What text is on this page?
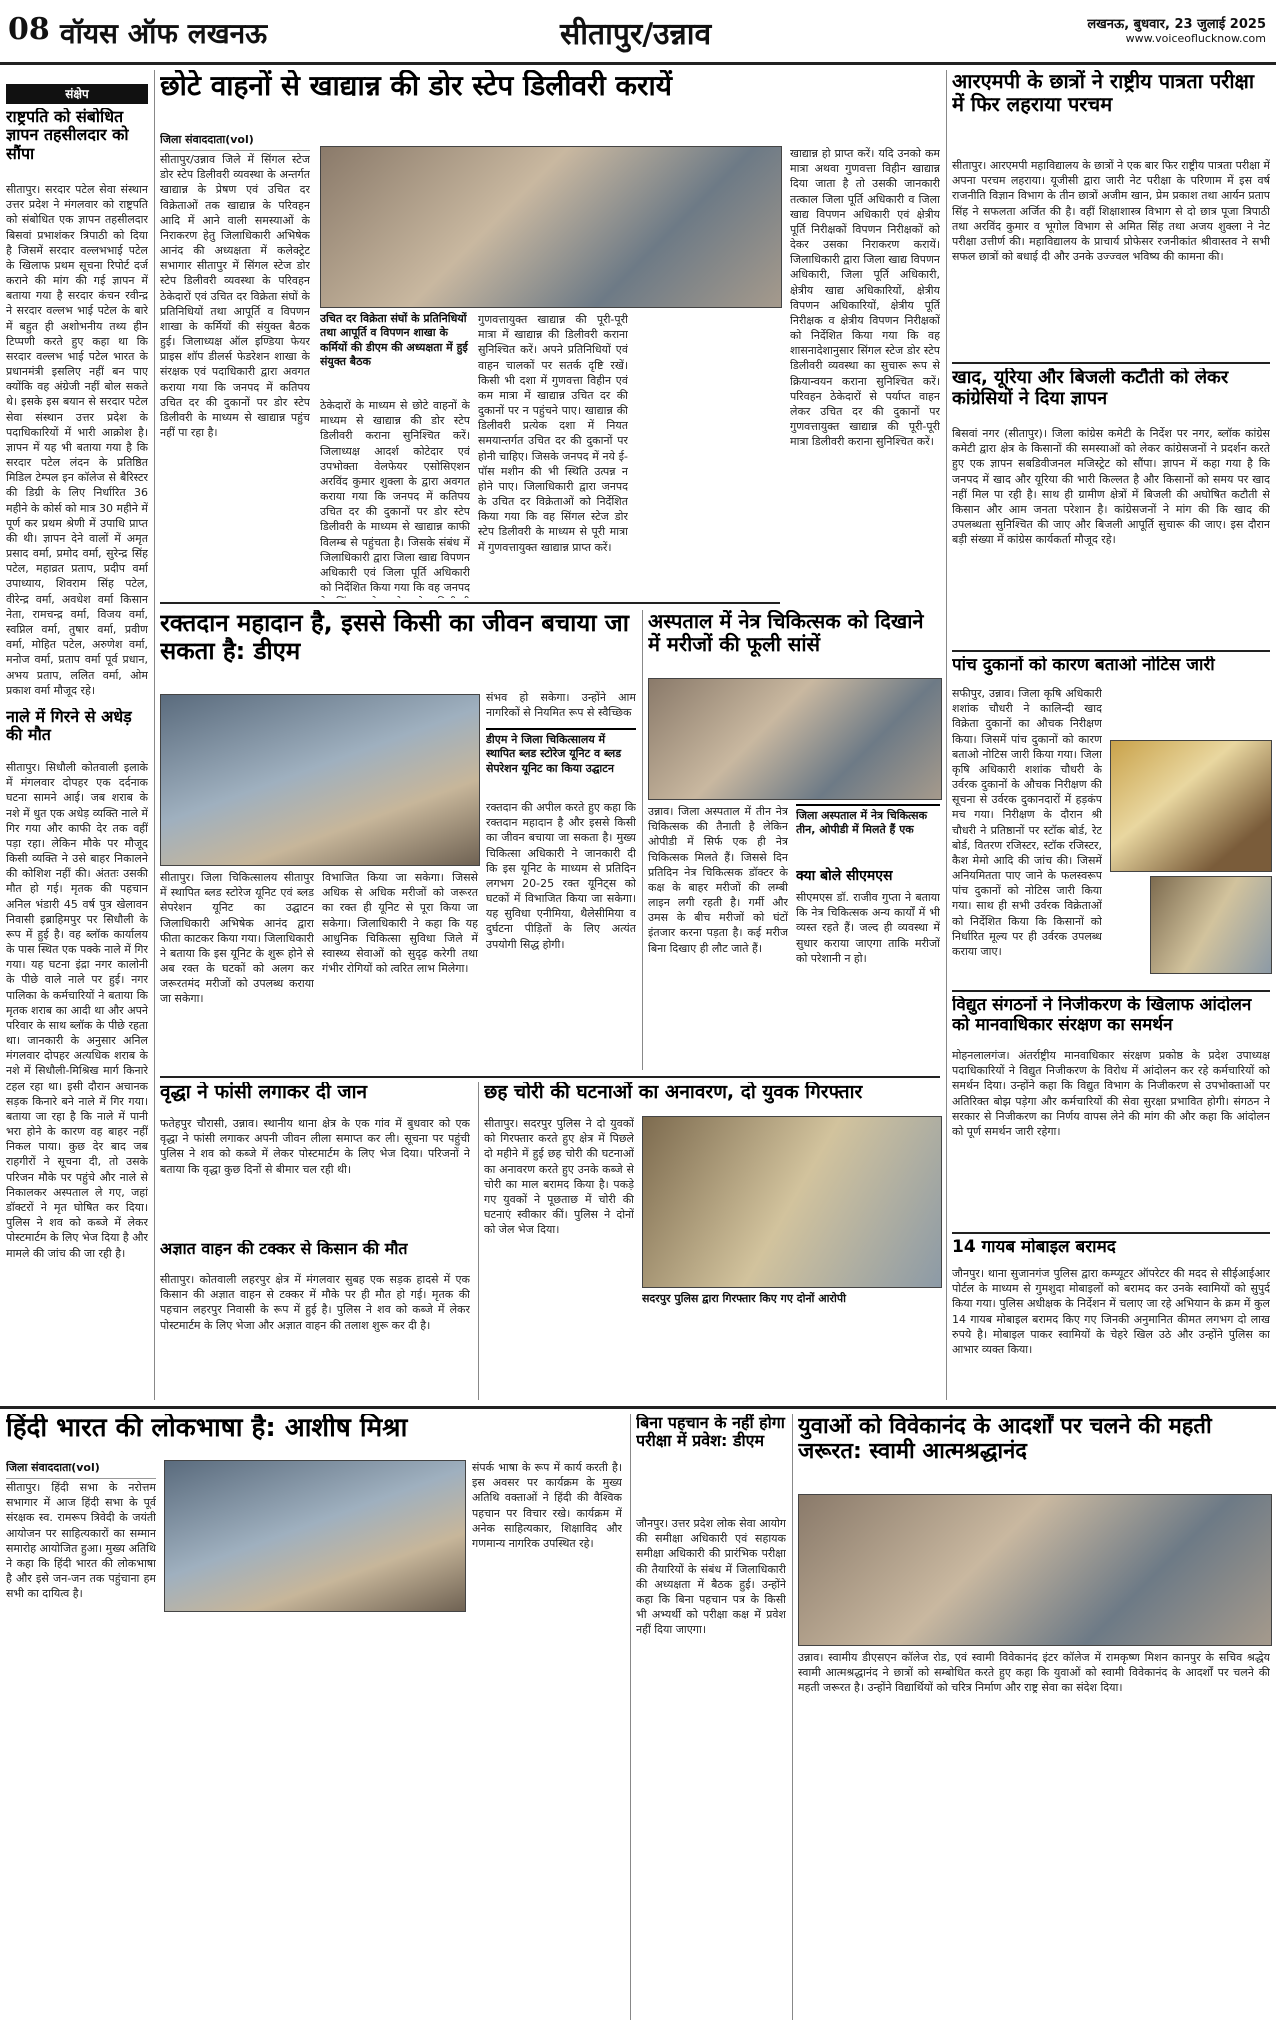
08 वॉयस ऑफ लखनऊ	सीतापुर/उन्नाव	लखनऊ, बुधवार, 23 जुलाई 2025
www.voiceoflucknow.com
संक्षेप
राष्ट्रपति को संबोधित ज्ञापन तहसीलदार को सौंपा
सीतापुर। सरदार पटेल सेवा संस्थान उत्तर प्रदेश ने मंगलवार को राष्ट्रपति को संबोधित एक ज्ञापन तहसीलदार बिसवां प्रभाशंकर त्रिपाठी को दिया है जिसमें सरदार वल्लभभाई पटेल के खिलाफ प्रथम सूचना रिपोर्ट दर्ज कराने की मांग की गई ज्ञापन में बताया गया है सरदार कंचन रवीन्द्र ने सरदार वल्लभ भाई पटेल के बारे में बहुत ही अशोभनीय तथ्य हीन टिप्पणी करते हुए कहा था कि सरदार वल्लभ भाई पटेल भारत के प्रधानमंत्री इसलिए नहीं बन पाए क्योंकि वह अंग्रेजी नहीं बोल सकते थे। इसके इस बयान से सरदार पटेल सेवा संस्थान उत्तर प्रदेश के पदाधिकारियों में भारी आक्रोश है। ज्ञापन में यह भी बताया गया है कि सरदार पटेल लंदन के प्रतिष्ठित मिडिल टेम्पल इन कॉलेज से बैरिस्टर की डिग्री के लिए निर्धारित 36 महीने के कोर्स को मात्र 30 महीने में पूर्ण कर प्रथम श्रेणी में उपाधि प्राप्त की थी। ज्ञापन देने वालों में अमृत प्रसाद वर्मा, प्रमोद वर्मा, सुरेन्द्र सिंह पटेल, महाव्रत प्रताप, प्रदीप वर्मा उपाध्याय, शिवराम सिंह पटेल, वीरेन्द्र वर्मा, अवधेश वर्मा किसान नेता, रामचन्द्र वर्मा, विजय वर्मा, स्वप्निल वर्मा, तुषार वर्मा, प्रवीण वर्मा, मोहित पटेल, अरुणेश वर्मा, मनोज वर्मा, प्रताप वर्मा पूर्व प्रधान, अभय प्रताप, ललित वर्मा, ओम प्रकाश वर्मा मौजूद रहे।
नाले में गिरने से अधेड़ की मौत
सीतापुर। सिधौली कोतवाली इलाके में मंगलवार दोपहर एक दर्दनाक घटना सामने आई। जब शराब के नशे में धुत एक अधेड़ व्यक्ति नाले में गिर गया और काफी देर तक वहीं पड़ा रहा। लेकिन मौके पर मौजूद किसी व्यक्ति ने उसे बाहर निकालने की कोशिश नहीं की। अंततः उसकी मौत हो गई। मृतक की पहचान अनिल भंडारी 45 वर्ष पुत्र खेलावन निवासी इब्राहिमपुर पर सिधौली के रूप में हुई है। वह ब्लॉक कार्यालय के पास स्थित एक पक्के नाले में गिर गया। यह घटना इंद्रा नगर कालोनी के पीछे वाले नाले पर हुई। नगर पालिका के कर्मचारियों ने बताया कि मृतक शराब का आदी था और अपने परिवार के साथ ब्लॉक के पीछे रहता था। जानकारी के अनुसार अनिल मंगलवार दोपहर अत्यधिक शराब के नशे में सिधौली-मिश्रिख मार्ग किनारे टहल रहा था। इसी दौरान अचानक सड़क किनारे बने नाले में गिर गया। बताया जा रहा है कि नाले में पानी भरा होने के कारण वह बाहर नहीं निकल पाया। कुछ देर बाद जब राहगीरों ने सूचना दी, तो उसके परिजन मौके पर पहुंचे और नाले से निकालकर अस्पताल ले गए, जहां डॉक्टरों ने मृत घोषित कर दिया। पुलिस ने शव को कब्जे में लेकर पोस्टमार्टम के लिए भेज दिया है और मामले की जांच की जा रही है।
छोटे वाहनों से खाद्यान्न की डोर स्टेप डिलीवरी करायें
जिला संवाददाता(vol)
सीतापुर/उन्नाव जिले में सिंगल स्टेज डोर स्टेप डिलीवरी व्यवस्था के अन्तर्गत खाद्यान्न के प्रेषण एवं उचित दर विक्रेताओं तक खाद्यान्न के परिवहन आदि में आने वाली समस्याओं के निराकरण हेतु जिलाधिकारी अभिषेक आनंद की अध्यक्षता में कलेक्ट्रेट सभागार सीतापुर में सिंगल स्टेज डोर स्टेप डिलीवरी व्यवस्था के परिवहन ठेकेदारों एवं उचित दर विक्रेता संघों के प्रतिनिधियों तथा आपूर्ति व विपणन शाखा के कर्मियों की संयुक्त बैठक हुई। जिलाध्यक्ष ऑल इण्डिया फेयर प्राइस शॉप डीलर्स फेडरेशन शाखा के संरक्षक एवं पदाधिकारी द्वारा अवगत कराया गया कि जनपद में कतिपय उचित दर की दुकानों पर डोर स्टेप डिलीवरी के माध्यम से खाद्यान्न पहुंच नहीं पा रहा है।
उचित दर विक्रेता संघों के प्रतिनिधियों तथा आपूर्ति व विपणन शाखा के कर्मियों की डीएम की अध्यक्षता में हुई संयुक्त बैठक
ठेकेदारों के माध्यम से छोटे वाहनों के माध्यम से खाद्यान्न की डोर स्टेप डिलीवरी कराना सुनिश्चित करें। जिलाध्यक्ष आदर्श कोटेदार एवं उपभोक्ता वेलफेयर एसोसिएशन अरविंद कुमार शुक्ला के द्वारा अवगत कराया गया कि जनपद में कतिपय उचित दर की दुकानों पर डोर स्टेप डिलीवरी के माध्यम से खाद्यान्न काफी विलम्ब से पहुंचता है। जिसके संबंध में जिलाधिकारी द्वारा जिला खाद्य विपणन अधिकारी एवं जिला पूर्ति अधिकारी को निर्देशित किया गया कि वह जनपद
गुणवत्तायुक्त खाद्यान्न की पूरी-पूरी मात्रा में खाद्यान्न की डिलीवरी कराना सुनिश्चित करें। अपने प्रतिनिधियों एवं वाहन चालकों पर सतर्क दृष्टि रखें। किसी भी दशा में गुणवत्ता विहीन एवं कम मात्रा में खाद्यान्न उचित दर की दुकानों पर न पहुंचने पाए। खाद्यान्न की डिलीवरी प्रत्येक दशा में नियत समयान्तर्गत उचित दर की दुकानों पर होनी चाहिए। जिसके जनपद में नये ई-पॉस मशीन की भी स्थिति उत्पन्न न होने पाए। जिलाधिकारी द्वारा जनपद के उचित दर विक्रेताओं को निर्देशित किया गया कि वह सिंगल स्टेज डोर स्टेप डिलीवरी के माध्यम से पूरी मात्रा में गुणवत्तायुक्त खाद्यान्न प्राप्त करें।
खाद्यान्न हो प्राप्त करें। यदि उनको कम मात्रा अथवा गुणवत्ता विहीन खाद्यान्न दिया जाता है तो उसकी जानकारी तत्काल जिला पूर्ति अधिकारी व जिला खाद्य विपणन अधिकारी एवं क्षेत्रीय पूर्ति निरीक्षकों विपणन निरीक्षकों को देकर उसका निराकरण करायें। जिलाधिकारी द्वारा जिला खाद्य विपणन अधिकारी, जिला पूर्ति अधिकारी, क्षेत्रीय खाद्य अधिकारियों, क्षेत्रीय विपणन अधिकारियों, क्षेत्रीय पूर्ति निरीक्षक व क्षेत्रीय विपणन निरीक्षकों को निर्देशित किया गया कि वह शासनादेशानुसार सिंगल स्टेज डोर स्टेप डिलीवरी व्यवस्था का सुचारू रूप से क्रियान्वयन कराना सुनिश्चित करें। परिवहन ठेकेदारों से पर्याप्त वाहन लेकर उचित दर की दुकानों पर गुणवत्तायुक्त खाद्यान्न की पूरी-पूरी मात्रा डिलीवरी कराना सुनिश्चित करें।
आरएमपी के छात्रों ने राष्ट्रीय पात्रता परीक्षा में फिर लहराया परचम
सीतापुर। आरएमपी महाविद्यालय के छात्रों ने एक बार फिर राष्ट्रीय पात्रता परीक्षा में अपना परचम लहराया। यूजीसी द्वारा जारी नेट परीक्षा के परिणाम में इस वर्ष राजनीति विज्ञान विभाग के तीन छात्रों अजीम खान, प्रेम प्रकाश तथा आर्यन प्रताप सिंह ने सफलता अर्जित की है। वहीं शिक्षाशास्त्र विभाग से दो छात्र पूजा त्रिपाठी तथा अरविंद कुमार व भूगोल विभाग से अमित सिंह तथा अजय शुक्ला ने नेट परीक्षा उत्तीर्ण की। महाविद्यालय के प्राचार्य प्रोफेसर रजनीकांत श्रीवास्तव ने सभी सफल छात्रों को बधाई दी और उनके उज्ज्वल भविष्य की कामना की।
खाद, यूरिया और बिजली कटौती को लेकर कांग्रेसियों ने दिया ज्ञापन
बिसवां नगर (सीतापुर)। जिला कांग्रेस कमेटी के निर्देश पर नगर, ब्लॉक कांग्रेस कमेटी द्वारा क्षेत्र के किसानों की समस्याओं को लेकर कांग्रेसजनों ने प्रदर्शन करते हुए एक ज्ञापन सबडिवीजनल मजिस्ट्रेट को सौंपा। ज्ञापन में कहा गया है कि जनपद में खाद और यूरिया की भारी किल्लत है और किसानों को समय पर खाद नहीं मिल पा रही है। साथ ही ग्रामीण क्षेत्रों में बिजली की अघोषित कटौती से किसान और आम जनता परेशान है। कांग्रेसजनों ने मांग की कि खाद की उपलब्धता सुनिश्चित की जाए और बिजली आपूर्ति सुचारू की जाए। इस दौरान बड़ी संख्या में कांग्रेस कार्यकर्ता मौजूद रहे।
पांच दुकानों को कारण बताओ नोटिस जारी
सफीपुर, उन्नाव। जिला कृषि अधिकारी शशांक चौधरी ने कालिन्दी खाद विक्रेता दुकानों का औचक निरीक्षण किया। जिसमें पांच दुकानों को कारण बताओ नोटिस जारी किया गया। जिला कृषि अधिकारी शशांक चौधरी के उर्वरक दुकानों के औचक निरीक्षण की सूचना से उर्वरक दुकानदारों में हड़कंप मच गया। निरीक्षण के दौरान श्री चौधरी ने प्रतिष्ठानों पर स्टॉक बोर्ड, रेट बोर्ड, वितरण रजिस्टर, स्टॉक रजिस्टर, कैश मेमो आदि की जांच की। जिसमें अनियमितता पाए जाने के फलस्वरूप पांच दुकानों को नोटिस जारी किया गया। साथ ही सभी उर्वरक विक्रेताओं को निर्देशित किया कि किसानों को निर्धारित मूल्य पर ही उर्वरक उपलब्ध कराया जाए।
विद्युत संगठनों ने निजीकरण के खिलाफ आंदोलन को मानवाधिकार संरक्षण का समर्थन
मोहनलालगंज। अंतर्राष्ट्रीय मानवाधिकार संरक्षण प्रकोष्ठ के प्रदेश उपाध्यक्ष पदाधिकारियों ने विद्युत निजीकरण के विरोध में आंदोलन कर रहे कर्मचारियों को समर्थन दिया। उन्होंने कहा कि विद्युत विभाग के निजीकरण से उपभोक्ताओं पर अतिरिक्त बोझ पड़ेगा और कर्मचारियों की सेवा सुरक्षा प्रभावित होगी। संगठन ने सरकार से निजीकरण का निर्णय वापस लेने की मांग की और कहा कि आंदोलन को पूर्ण समर्थन जारी रहेगा।
14 गायब मोबाइल बरामद
जौनपुर। थाना सुजानगंज पुलिस द्वारा कम्प्यूटर ऑपरेटर की मदद से सीईआईआर पोर्टल के माध्यम से गुमशुदा मोबाइलों को बरामद कर उनके स्वामियों को सुपुर्द किया गया। पुलिस अधीक्षक के निर्देशन में चलाए जा रहे अभियान के क्रम में कुल 14 गायब मोबाइल बरामद किए गए जिनकी अनुमानित कीमत लगभग दो लाख रुपये है। मोबाइल पाकर स्वामियों के चेहरे खिल उठे और उन्होंने पुलिस का आभार व्यक्त किया।
रक्तदान महादान है, इससे किसी का जीवन बचाया जा सकता है: डीएम
संभव हो सकेगा। उन्होंने आम नागरिकों से नियमित रूप से स्वैच्छिक
डीएम ने जिला चिकित्सालय में स्थापित ब्लड स्टोरेज यूनिट व ब्लड सेपरेशन यूनिट का किया उद्घाटन
रक्तदान की अपील करते हुए कहा कि रक्तदान महादान है और इससे किसी का जीवन बचाया जा सकता है। मुख्य चिकित्सा अधिकारी ने जानकारी दी कि इस यूनिट के माध्यम से प्रतिदिन लगभग 20-25 रक्त यूनिट्स को घटकों में विभाजित किया जा सकेगा। यह सुविधा एनीमिया, थैलेसीमिया व दुर्घटना पीड़ितों के लिए अत्यंत उपयोगी सिद्ध होगी।
सीतापुर। जिला चिकित्सालय सीतापुर में स्थापित ब्लड स्टोरेज यूनिट एवं ब्लड सेपरेशन यूनिट का उद्घाटन जिलाधिकारी अभिषेक आनंद द्वारा फीता काटकर किया गया। जिलाधिकारी ने बताया कि इस यूनिट के शुरू होने से अब रक्त के घटकों को अलग कर जरूरतमंद मरीजों को उपलब्ध कराया जा सकेगा।
विभाजित किया जा सकेगा। जिससे अधिक से अधिक मरीजों को जरूरत का रक्त ही यूनिट से पूरा किया जा सकेगा। जिलाधिकारी ने कहा कि यह आधुनिक चिकित्सा सुविधा जिले में स्वास्थ्य सेवाओं को सुदृढ़ करेगी तथा गंभीर रोगियों को त्वरित लाभ मिलेगा।
अस्पताल में नेत्र चिकित्सक को दिखाने में मरीजों की फूली सांसें
उन्नाव। जिला अस्पताल में तीन नेत्र चिकित्सक की तैनाती है लेकिन ओपीडी में सिर्फ एक ही नेत्र चिकित्सक मिलते हैं। जिससे दिन प्रतिदिन नेत्र चिकित्सक डॉक्टर के कक्ष के बाहर मरीजों की लम्बी लाइन लगी रहती है। गर्मी और उमस के बीच मरीजों को घंटों इंतजार करना पड़ता है। कई मरीज बिना दिखाए ही लौट जाते हैं।
जिला अस्पताल में नेत्र चिकित्सक तीन, ओपीडी में मिलते हैं एक
क्या बोले सीएमएस
सीएमएस डॉ. राजीव गुप्ता ने बताया कि नेत्र चिकित्सक अन्य कार्यों में भी व्यस्त रहते हैं। जल्द ही व्यवस्था में सुधार कराया जाएगा ताकि मरीजों को परेशानी न हो।
वृद्धा ने फांसी लगाकर दी जान
फतेहपुर चौरासी, उन्नाव। स्थानीय थाना क्षेत्र के एक गांव में बुधवार को एक वृद्धा ने फांसी लगाकर अपनी जीवन लीला समाप्त कर ली। सूचना पर पहुंची पुलिस ने शव को कब्जे में लेकर पोस्टमार्टम के लिए भेज दिया। परिजनों ने बताया कि वृद्धा कुछ दिनों से बीमार चल रही थी।
अज्ञात वाहन की टक्कर से किसान की मौत
सीतापुर। कोतवाली लहरपुर क्षेत्र में मंगलवार सुबह एक सड़क हादसे में एक किसान की अज्ञात वाहन से टक्कर में मौके पर ही मौत हो गई। मृतक की पहचान लहरपुर निवासी के रूप में हुई है। पुलिस ने शव को कब्जे में लेकर पोस्टमार्टम के लिए भेजा और अज्ञात वाहन की तलाश शुरू कर दी है।
छह चोरी की घटनाओं का अनावरण, दो युवक गिरफ्तार
सीतापुर। सदरपुर पुलिस ने दो युवकों को गिरफ्तार करते हुए क्षेत्र में पिछले दो महीने में हुई छह चोरी की घटनाओं का अनावरण करते हुए उनके कब्जे से चोरी का माल बरामद किया है। पकड़े गए युवकों ने पूछताछ में चोरी की घटनाएं स्वीकार कीं। पुलिस ने दोनों को जेल भेज दिया।
सदरपुर पुलिस द्वारा गिरफ्तार किए गए दोनों आरोपी
हिंदी भारत की लोकभाषा है: आशीष मिश्रा
जिला संवाददाता(vol)
सीतापुर। हिंदी सभा के नरोत्तम सभागार में आज हिंदी सभा के पूर्व संरक्षक स्व. रामरूप त्रिवेदी के जयंती आयोजन पर साहित्यकारों का सम्मान समारोह आयोजित हुआ। मुख्य अतिथि ने कहा कि हिंदी भारत की लोकभाषा है और इसे जन-जन तक पहुंचाना हम सभी का दायित्व है।
संपर्क भाषा के रूप में कार्य करती है। इस अवसर पर कार्यक्रम के मुख्य अतिथि वक्ताओं ने हिंदी की वैश्विक पहचान पर विचार रखे। कार्यक्रम में अनेक साहित्यकार, शिक्षाविद और गणमान्य नागरिक उपस्थित रहे।
बिना पहचान के नहीं होगा परीक्षा में प्रवेश: डीएम
जौनपुर। उत्तर प्रदेश लोक सेवा आयोग की समीक्षा अधिकारी एवं सहायक समीक्षा अधिकारी की प्रारंभिक परीक्षा की तैयारियों के संबंध में जिलाधिकारी की अध्यक्षता में बैठक हुई। उन्होंने कहा कि बिना पहचान पत्र के किसी भी अभ्यर्थी को परीक्षा कक्ष में प्रवेश नहीं दिया जाएगा।
युवाओं को विवेकानंद के आदर्शों पर चलने की महती जरूरत: स्वामी आत्मश्रद्धानंद
उन्नाव। स्वामीय डीएसएन कॉलेज रोड, एवं स्वामी विवेकानंद इंटर कॉलेज में रामकृष्ण मिशन कानपुर के सचिव श्रद्धेय स्वामी आत्मश्रद्धानंद ने छात्रों को सम्बोधित करते हुए कहा कि युवाओं को स्वामी विवेकानंद के आदर्शों पर चलने की महती जरूरत है। उन्होंने विद्यार्थियों को चरित्र निर्माण और राष्ट्र सेवा का संदेश दिया।
